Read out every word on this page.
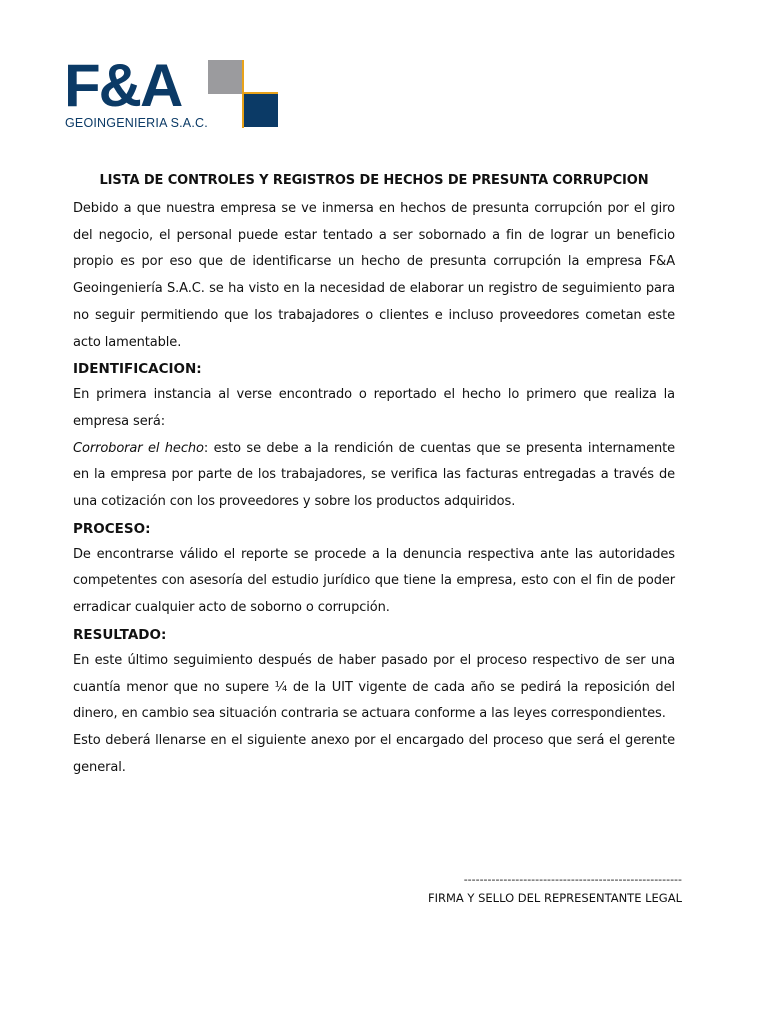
F&A
GEOINGENIERIA S.A.C.
LISTA DE CONTROLES Y REGISTROS DE HECHOS DE PRESUNTA CORRUPCION

Debido a que nuestra empresa se ve inmersa en hechos de presunta corrupción por el giro del negocio, el personal puede estar tentado a ser sobornado a fin de lograr un beneficio propio es por eso que de identificarse un hecho de presunta corrupción la empresa F&A Geoingeniería S.A.C. se ha visto en la necesidad de elaborar un registro de seguimiento para no seguir permitiendo que los trabajadores o clientes e incluso proveedores cometan este acto lamentable.

IDENTIFICACION:

En primera instancia al verse encontrado o reportado el hecho lo primero que realiza la empresa será:

Corroborar el hecho: esto se debe a la rendición de cuentas que se presenta internamente en la empresa por parte de los trabajadores, se verifica las facturas entregadas a través de una cotización con los proveedores y sobre los productos adquiridos.

PROCESO:

De encontrarse válido el reporte se procede a la denuncia respectiva ante las autoridades competentes con asesoría del estudio jurídico que tiene la empresa, esto con el fin de poder erradicar cualquier acto de soborno o corrupción.

RESULTADO:

En este último seguimiento después de haber pasado por el proceso respectivo de ser una cuantía menor que no supere ¼ de la UIT vigente de cada año se pedirá la reposición del dinero, en cambio sea situación contraria se actuara conforme a las leyes correspondientes.

Esto deberá llenarse en el siguiente anexo por el encargado del proceso que será el gerente general.

-------------------------------------------------------
FIRMA Y SELLO DEL REPRESENTANTE LEGAL
